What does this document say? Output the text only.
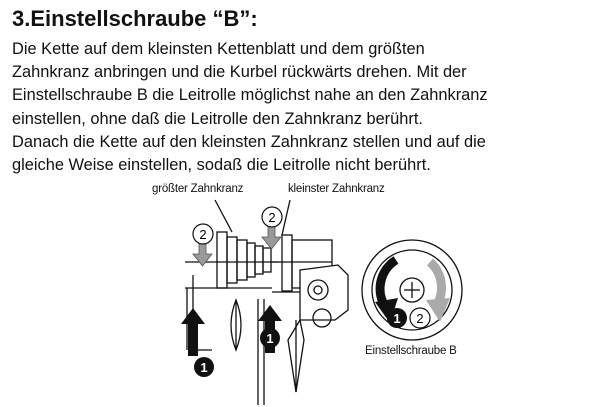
3.Einstellschraube “B”:
Die Kette auf dem kleinsten Kettenblatt und dem größten
Zahnkranz anbringen und die Kurbel rückwärts drehen. Mit der
Einstellschraube B die Leitrolle möglichst nahe an den Zahnkranz
einstellen, ohne daß die Leitrolle den Zahnkranz berührt.
Danach die Kette auf den kleinsten Zahnkranz stellen und auf die
gleiche Weise einstellen, sodaß die Leitrolle nicht berührt.
größter Zahnkranz	kleinster Zahnkranz
Einstellschraube B
2
2
1
1
1 2
